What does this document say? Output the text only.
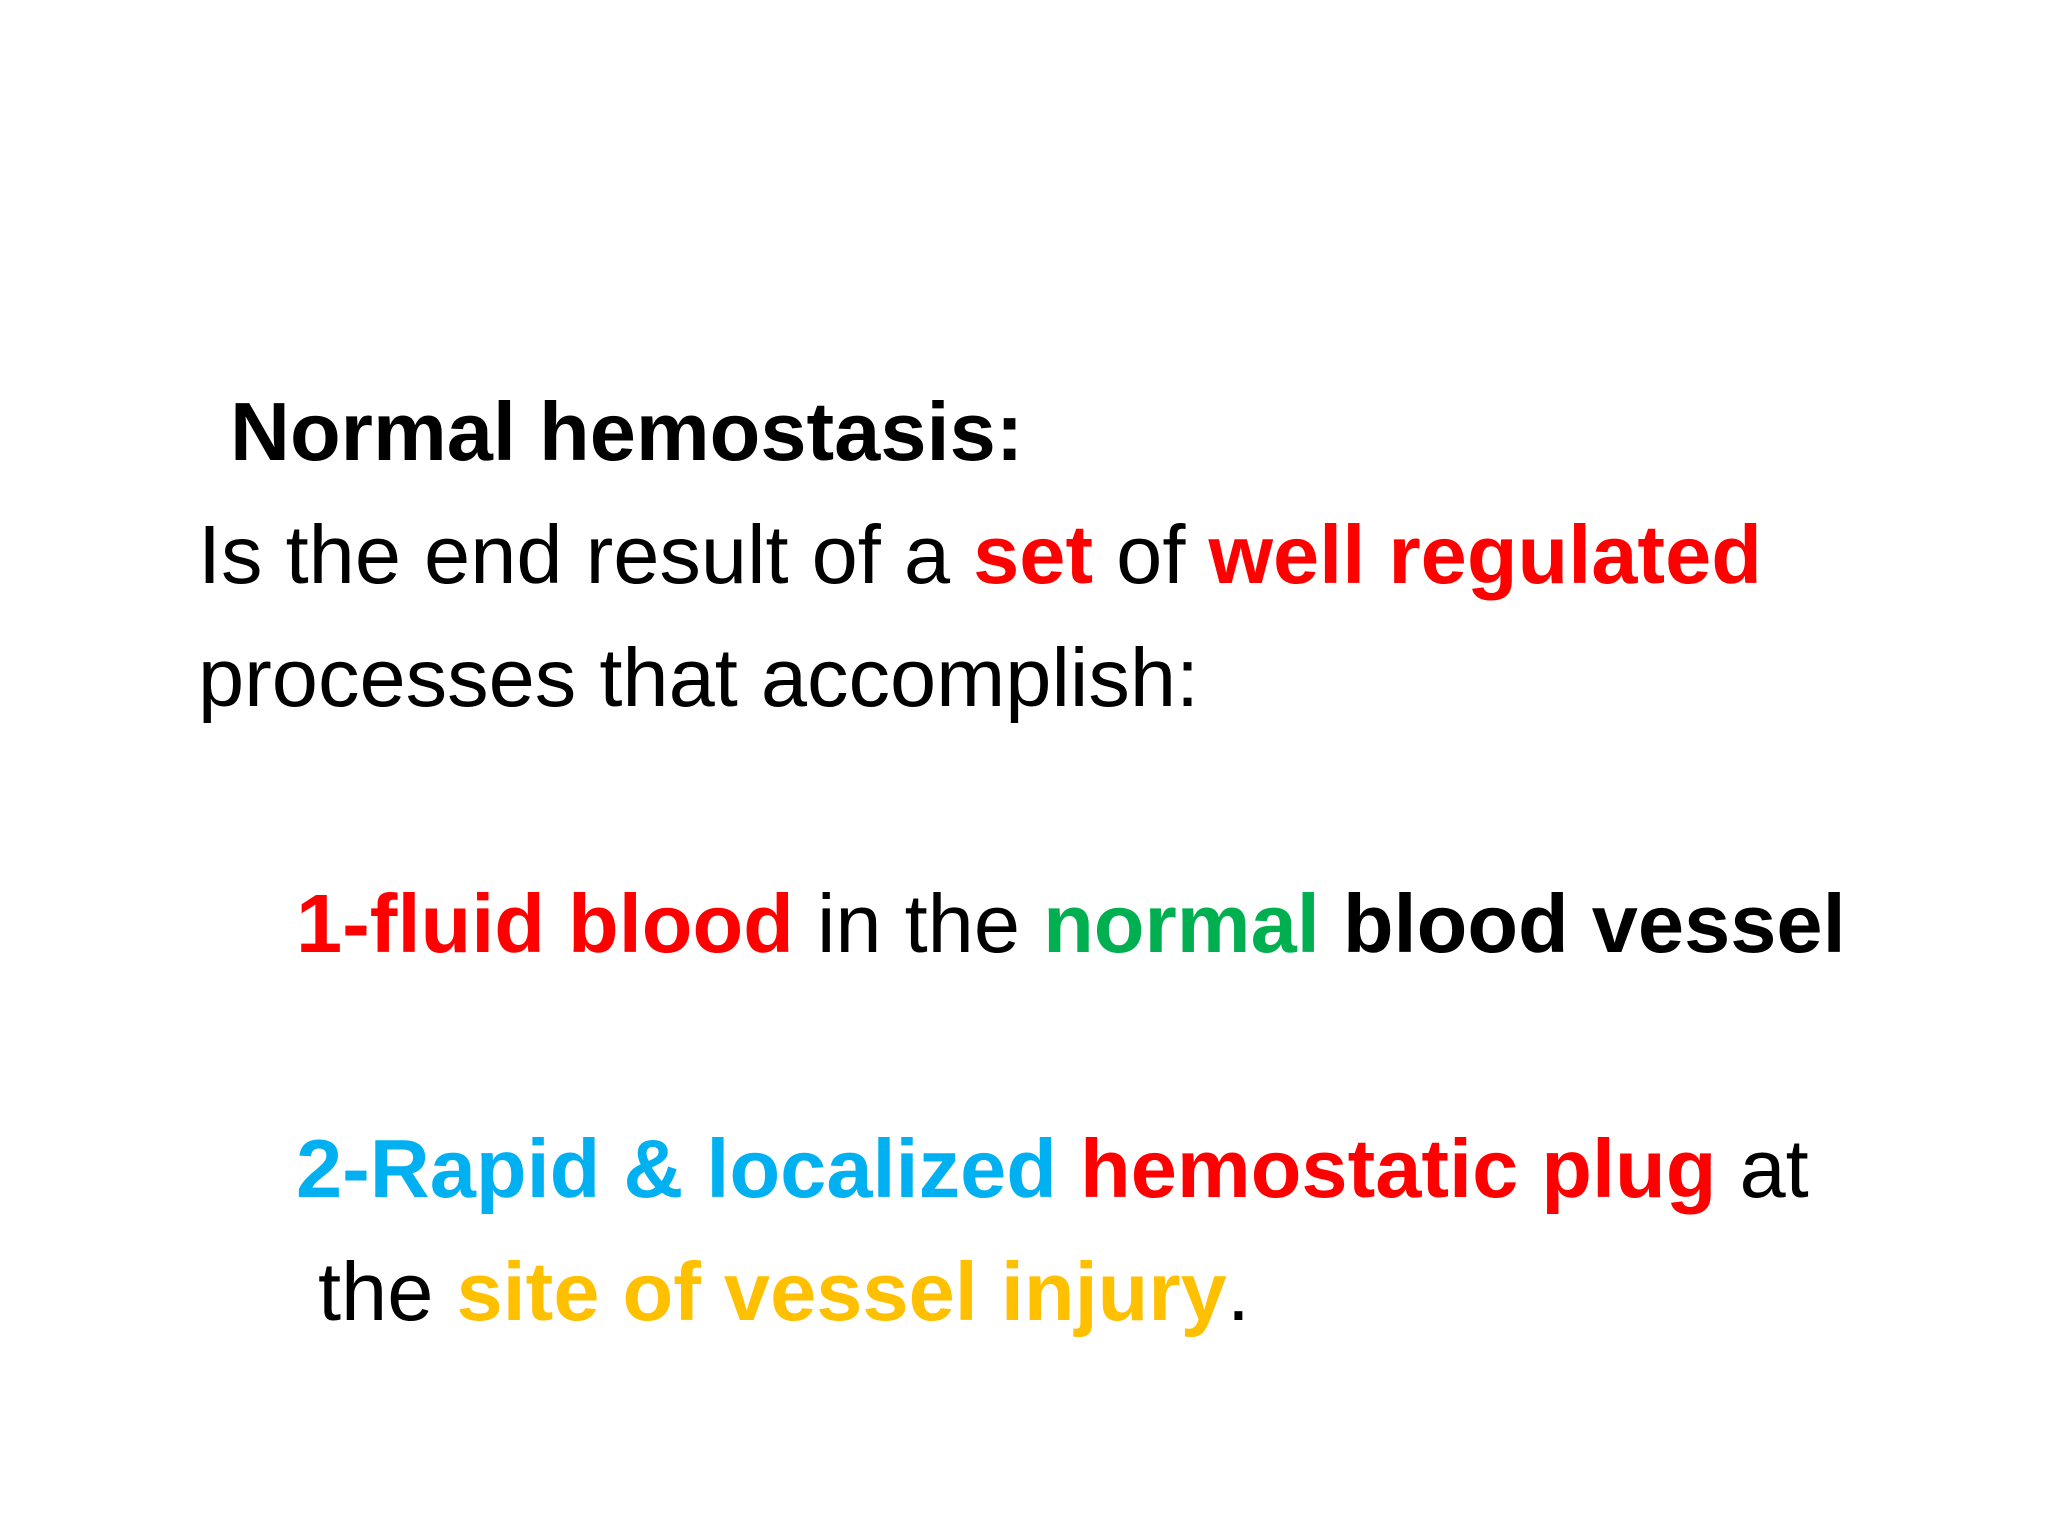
Normal hemostasis:
Is the end result of a set of well regulated
processes that accomplish:
1-fluid blood in the normal blood vessel
2-Rapid & localized hemostatic plug at
the site of vessel injury.
